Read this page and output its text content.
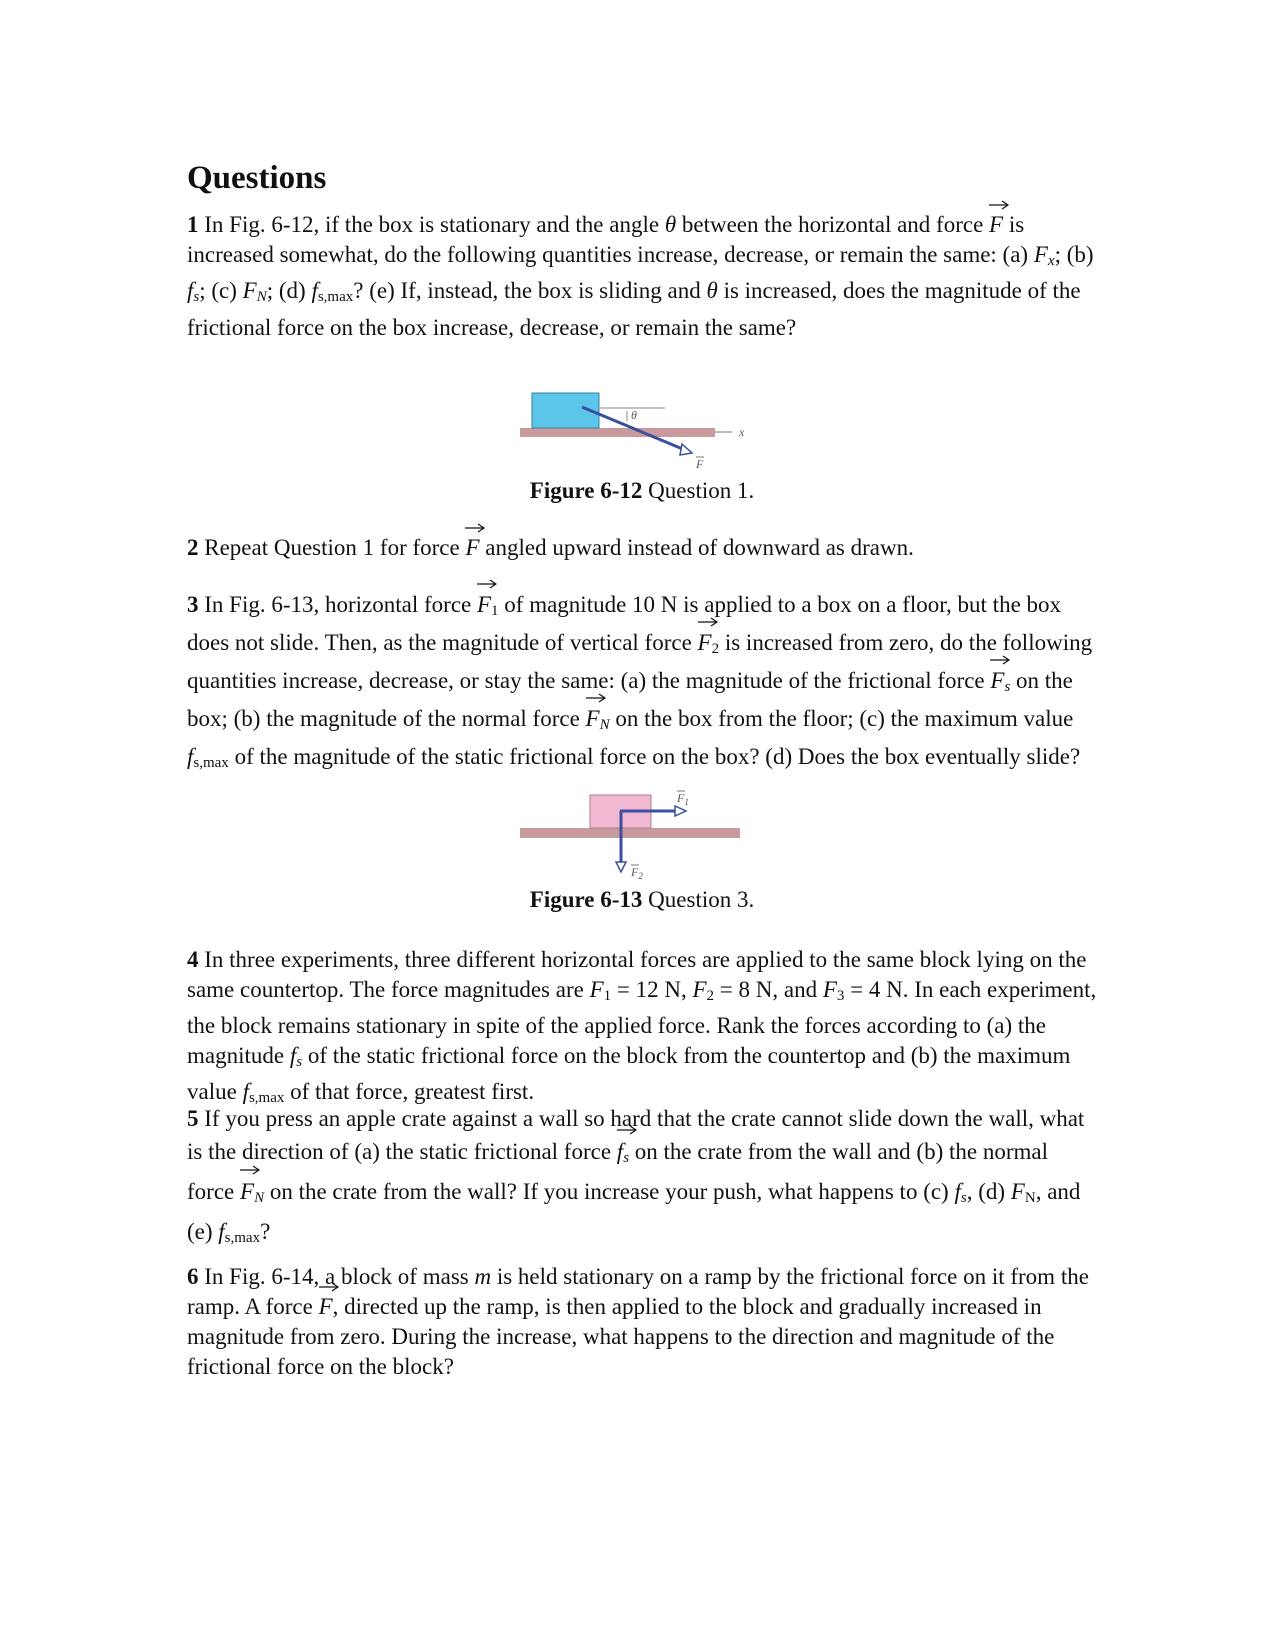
Questions

1 In Fig. 6-12, if the box is stationary and the angle θ between the horizontal and force F is increased somewhat, do the following quantities increase, decrease, or remain the same: (a) $F_x$; (b) $f_s$; (c) $F_N$; (d) $f_{s,max}$? (e) If, instead, the box is sliding and θ is increased, does the magnitude of the frictional force on the box increase, decrease, or remain the same?

θ
x
F

Figure 6-12 Question 1.

2 Repeat Question 1 for force F angled upward instead of downward as drawn.

3 In Fig. 6-13, horizontal force $F_1$ of magnitude 10 N is applied to a box on a floor, but the box does not slide. Then, as the magnitude of vertical force $F_2$ is increased from zero, do the following quantities increase, decrease, or stay the same: (a) the magnitude of the frictional force $F_s$ on the box; (b) the magnitude of the normal force $F_N$ on the box from the floor; (c) the maximum value $f_{s,max}$ of the magnitude of the static frictional force on the box? (d) Does the box eventually slide?

$F_1$
$F_2$

Figure 6-13 Question 3.

4 In three experiments, three different horizontal forces are applied to the same block lying on the same countertop. The force magnitudes are $F_1 = 12$ N, $F_2 = 8$ N, and $F_3 = 4$ N. In each experiment, the block remains stationary in spite of the applied force. Rank the forces according to (a) the magnitude $f_s$ of the static frictional force on the block from the countertop and (b) the maximum value $f_{s,max}$ of that force, greatest first.

5 If you press an apple crate against a wall so hard that the crate cannot slide down the wall, what is the direction of (a) the static frictional force $f_s$ on the crate from the wall and (b) the normal force $F_N$ on the crate from the wall? If you increase your push, what happens to (c) $f_s$, (d) $F_N$, and (e) $f_{s,max}$?

6 In Fig. 6-14, a block of mass m is held stationary on a ramp by the frictional force on it from the ramp. A force F, directed up the ramp, is then applied to the block and gradually increased in magnitude from zero. During the increase, what happens to the direction and magnitude of the frictional force on the block?
